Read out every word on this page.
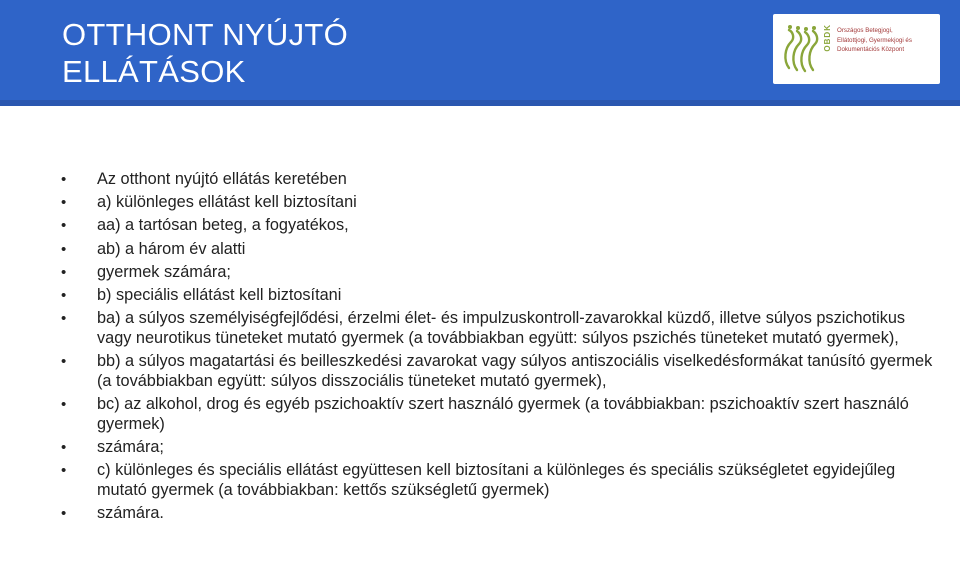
OTTHONT NYÚJTÓ
ELLÁTÁSOK
OBDK Országos Betegjogi,
Ellátottjogi, Gyermekjogi és
Dokumentációs Központ
• Az otthont nyújtó ellátás keretében
• a) különleges ellátást kell biztosítani
• aa) a tartósan beteg, a fogyatékos,
• ab) a három év alatti
• gyermek számára;
• b) speciális ellátást kell biztosítani
• ba) a súlyos személyiségfejlődési, érzelmi élet- és impulzuskontroll-zavarokkal küzdő, illetve súlyos pszichotikus vagy neurotikus tüneteket mutató gyermek (a továbbiakban együtt: súlyos pszichés tüneteket mutató gyermek),
• bb) a súlyos magatartási és beilleszkedési zavarokat vagy súlyos antiszociális viselkedésformákat tanúsító gyermek (a továbbiakban együtt: súlyos disszociális tüneteket mutató gyermek),
• bc) az alkohol, drog és egyéb pszichoaktív szert használó gyermek (a továbbiakban: pszichoaktív szert használó gyermek)
• számára;
• c) különleges és speciális ellátást együttesen kell biztosítani a különleges és speciális szükségletet egyidejűleg mutató gyermek (a továbbiakban: kettős szükségletű gyermek)
• számára.
